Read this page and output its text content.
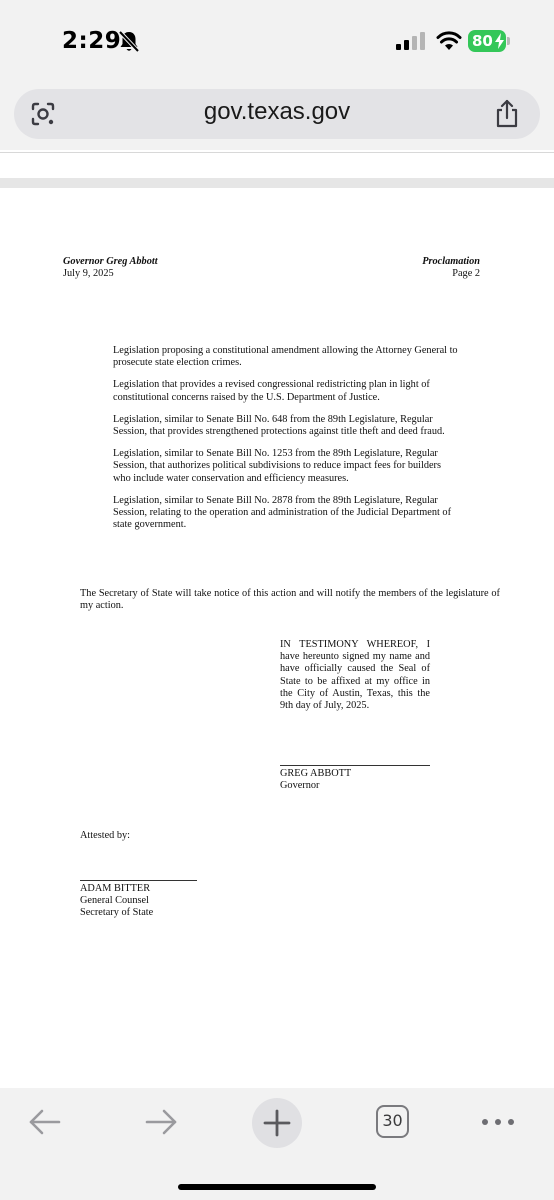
2:29	80
gov.texas.gov
Governor Greg Abbott
July 9, 2025
Proclamation
Page 2

Legislation proposing a constitutional amendment allowing the Attorney General to prosecute state election crimes.

Legislation that provides a revised congressional redistricting plan in light of constitutional concerns raised by the U.S. Department of Justice.

Legislation, similar to Senate Bill No. 648 from the 89th Legislature, Regular Session, that provides strengthened protections against title theft and deed fraud.

Legislation, similar to Senate Bill No. 1253 from the 89th Legislature, Regular Session, that authorizes political subdivisions to reduce impact fees for builders who include water conservation and efficiency measures.

Legislation, similar to Senate Bill No. 2878 from the 89th Legislature, Regular Session, relating to the operation and administration of the Judicial Department of state government.

The Secretary of State will take notice of this action and will notify the members of the legislature of my action.

IN TESTIMONY WHEREOF, I have hereunto signed my name and have officially caused the Seal of State to be affixed at my office in the City of Austin, Texas, this the 9th day of July, 2025.

GREG ABBOTT
Governor
Attested by:
ADAM BITTER
General Counsel
Secretary of State
30
